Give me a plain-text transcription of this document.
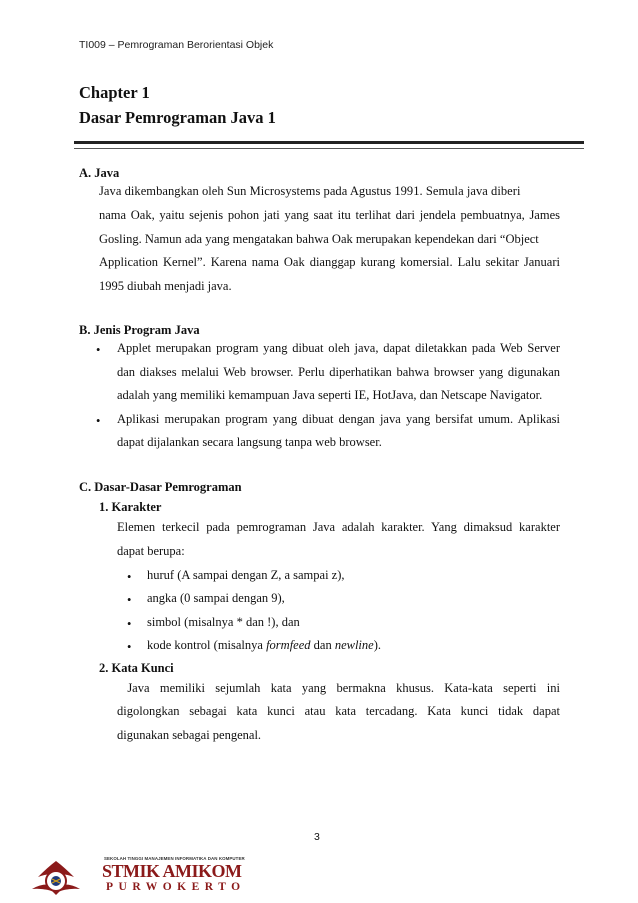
TI009 – Pemrograman Berorientasi Objek
Chapter 1
Dasar Pemrograman Java 1
A. Java
Java dikembangkan oleh Sun Microsystems pada Agustus 1991. Semula java diberi
nama Oak, yaitu sejenis pohon jati yang saat itu terlihat dari jendela pembuatnya, James
Gosling. Namun ada yang mengatakan bahwa Oak merupakan kependekan dari “Object
Application Kernel”. Karena nama Oak dianggap kurang komersial. Lalu sekitar Januari
1995 diubah menjadi java.
B. Jenis Program Java
• Applet merupakan program yang dibuat oleh java, dapat diletakkan pada Web Server
dan diakses melalui Web browser. Perlu diperhatikan bahwa browser yang digunakan
adalah yang memiliki kemampuan Java seperti IE, HotJava, dan Netscape Navigator.
• Aplikasi merupakan program yang dibuat dengan java yang bersifat umum. Aplikasi
dapat dijalankan secara langsung tanpa web browser.
C. Dasar-Dasar Pemrograman
1. Karakter
Elemen terkecil pada pemrograman Java adalah karakter. Yang dimaksud karakter
dapat berupa:
• huruf (A sampai dengan Z, a sampai z),
• angka (0 sampai dengan 9),
• simbol (misalnya * dan !), dan
• kode kontrol (misalnya formfeed dan newline).
2. Kata Kunci
Java memiliki sejumlah kata yang bermakna khusus. Kata-kata seperti ini
digolongkan sebagai kata kunci atau kata tercadang. Kata kunci tidak dapat
digunakan sebagai pengenal.
3
SEKOLAH TINGGI MANAJEMEN INFORMATIKA DAN KOMPUTER
STMIK AMIKOM
PURWOKERTO
